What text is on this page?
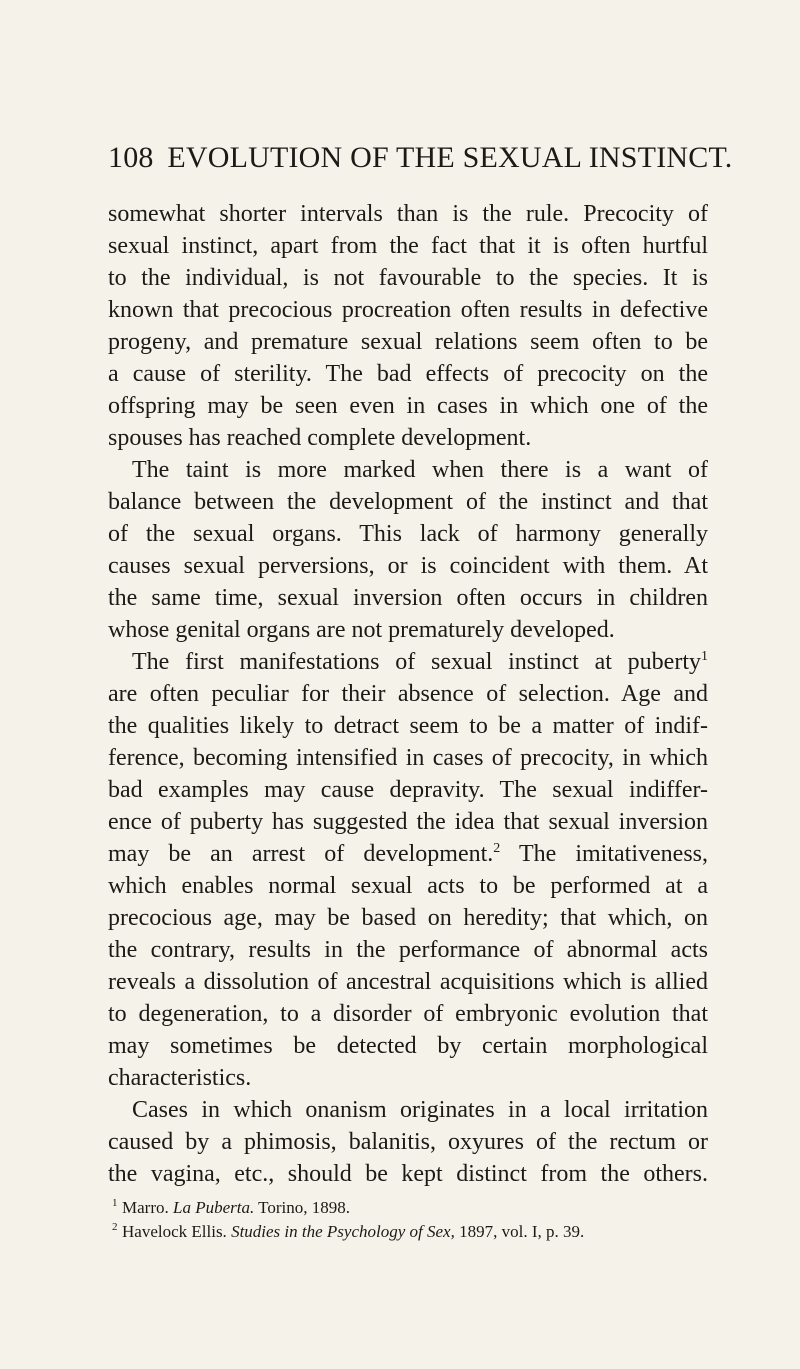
108 EVOLUTION OF THE SEXUAL INSTINCT.
somewhat shorter intervals than is the rule. Precocity of
sexual instinct, apart from the fact that it is often hurtful
to the individual, is not favourable to the species. It is
known that precocious procreation often results in defective
progeny, and premature sexual relations seem often to be
a cause of sterility. The bad effects of precocity on the
offspring may be seen even in cases in which one of the
spouses has reached complete development.
The taint is more marked when there is a want of
balance between the development of the instinct and that
of the sexual organs. This lack of harmony generally
causes sexual perversions, or is coincident with them. At
the same time, sexual inversion often occurs in children
whose genital organs are not prematurely developed.
The first manifestations of sexual instinct at puberty$^1$
are often peculiar for their absence of selection. Age and
the qualities likely to detract seem to be a matter of indif-
ference, becoming intensified in cases of precocity, in which
bad examples may cause depravity. The sexual indiffer-
ence of puberty has suggested the idea that sexual inversion
may be an arrest of development.$^2$ The imitativeness,
which enables normal sexual acts to be performed at a
precocious age, may be based on heredity; that which, on
the contrary, results in the performance of abnormal acts
reveals a dissolution of ancestral acquisitions which is allied
to degeneration, to a disorder of embryonic evolution that
may sometimes be detected by certain morphological
characteristics.
Cases in which onanism originates in a local irritation
caused by a phimosis, balanitis, oxyures of the rectum or
the vagina, etc., should be kept distinct from the others.
1 Marro. La Puberta. Torino, 1898.
2 Havelock Ellis. Studies in the Psychology of Sex, 1897, vol. I, p. 39.
